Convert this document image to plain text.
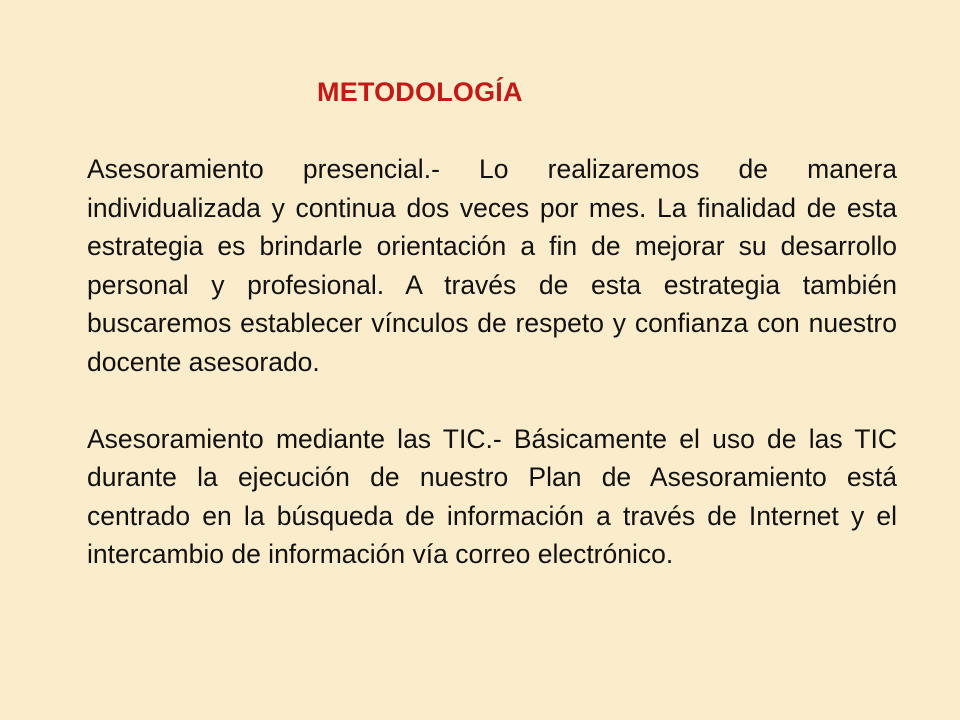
METODOLOGÍA

Asesoramiento presencial.- Lo realizaremos de manera individualizada y continua dos veces por mes. La finalidad de esta estrategia es brindarle orientación a fin de mejorar su desarrollo personal y profesional. A través de esta estrategia también buscaremos establecer vínculos de respeto y confianza con nuestro docente asesorado.

Asesoramiento mediante las TIC.- Básicamente el uso de las TIC durante la ejecución de nuestro Plan de Asesoramiento está centrado en la búsqueda de información a través de Internet y el intercambio de información vía correo electrónico.
